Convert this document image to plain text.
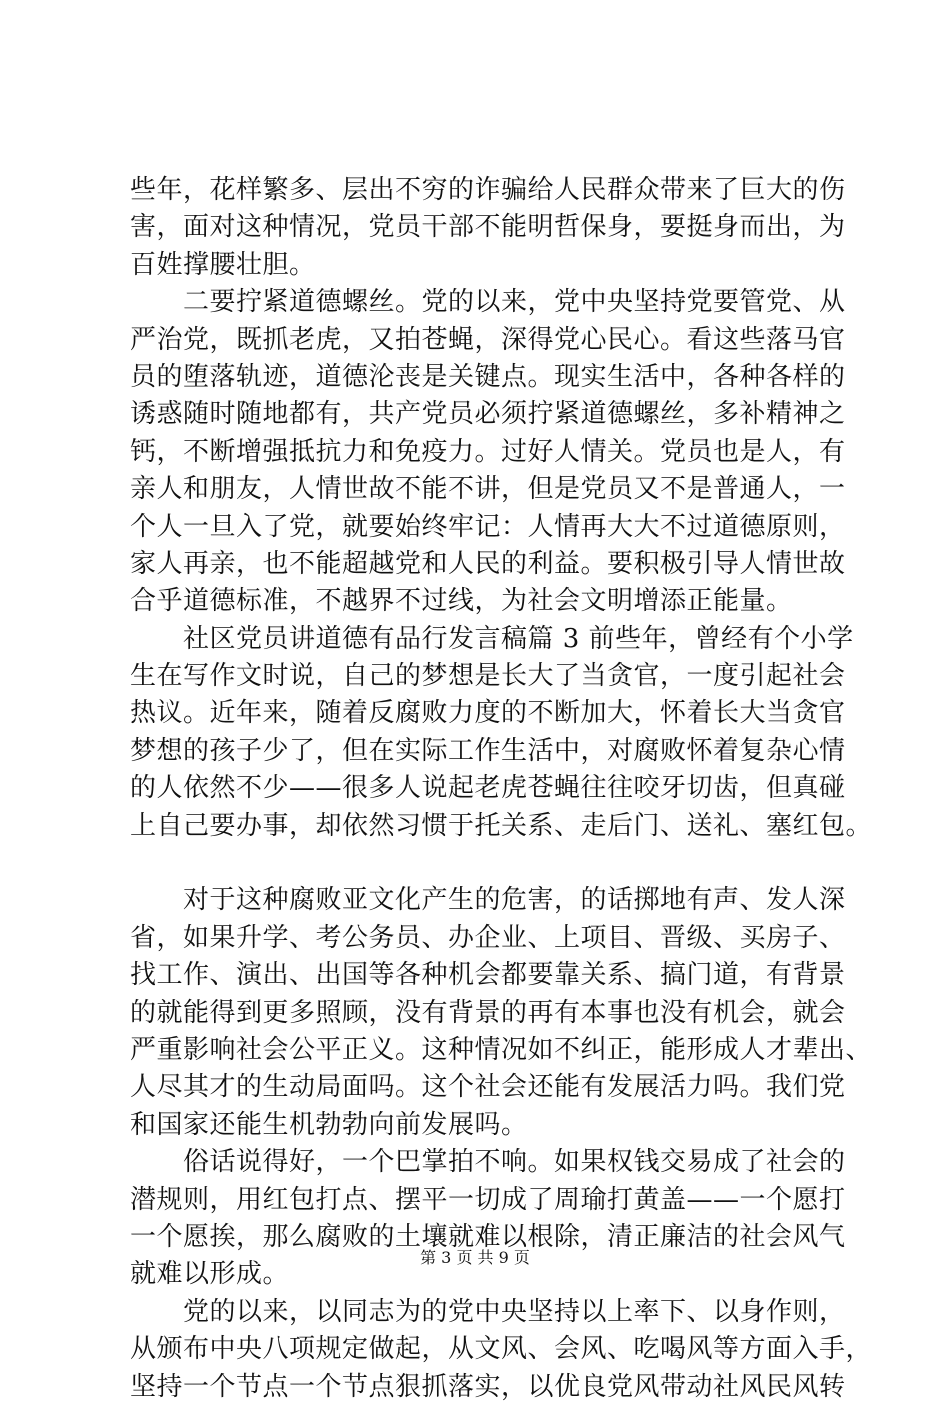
些年，花样繁多、层出不穷的诈骗给人民群众带来了巨大的伤
害，面对这种情况，党员干部不能明哲保身，要挺身而出，为
百姓撑腰壮胆。
　　二要拧紧道德螺丝。党的以来，党中央坚持党要管党、从
严治党，既抓老虎，又拍苍蝇，深得党心民心。看这些落马官
员的堕落轨迹，道德沦丧是关键点。现实生活中，各种各样的
诱惑随时随地都有，共产党员必须拧紧道德螺丝，多补精神之
钙，不断增强抵抗力和免疫力。过好人情关。党员也是人，有
亲人和朋友，人情世故不能不讲，但是党员又不是普通人，一
个人一旦入了党，就要始终牢记：人情再大大不过道德原则，
家人再亲，也不能超越党和人民的利益。要积极引导人情世故
合乎道德标准，不越界不过线，为社会文明增添正能量。
　　社区党员讲道德有品行发言稿篇 3 前些年，曾经有个小学
生在写作文时说，自己的梦想是长大了当贪官，一度引起社会
热议。近年来，随着反腐败力度的不断加大，怀着长大当贪官
梦想的孩子少了，但在实际工作生活中，对腐败怀着复杂心情
的人依然不少——很多人说起老虎苍蝇往往咬牙切齿，但真碰
上自己要办事，却依然习惯于托关系、走后门、送礼、塞红包。
　　对于这种腐败亚文化产生的危害，的话掷地有声、发人深
省，如果升学、考公务员、办企业、上项目、晋级、买房子、
找工作、演出、出国等各种机会都要靠关系、搞门道，有背景
的就能得到更多照顾，没有背景的再有本事也没有机会，就会
严重影响社会公平正义。这种情况如不纠正，能形成人才辈出、
人尽其才的生动局面吗。这个社会还能有发展活力吗。我们党
和国家还能生机勃勃向前发展吗。
　　俗话说得好，一个巴掌拍不响。如果权钱交易成了社会的
潜规则，用红包打点、摆平一切成了周瑜打黄盖——一个愿打
一个愿挨，那么腐败的土壤就难以根除，清正廉洁的社会风气
就难以形成。
　　党的以来，以同志为的党中央坚持以上率下、以身作则，
从颁布中央八项规定做起，从文风、会风、吃喝风等方面入手，
坚持一个节点一个节点狠抓落实，以优良党风带动社风民风转
第 3 页 共 9 页
